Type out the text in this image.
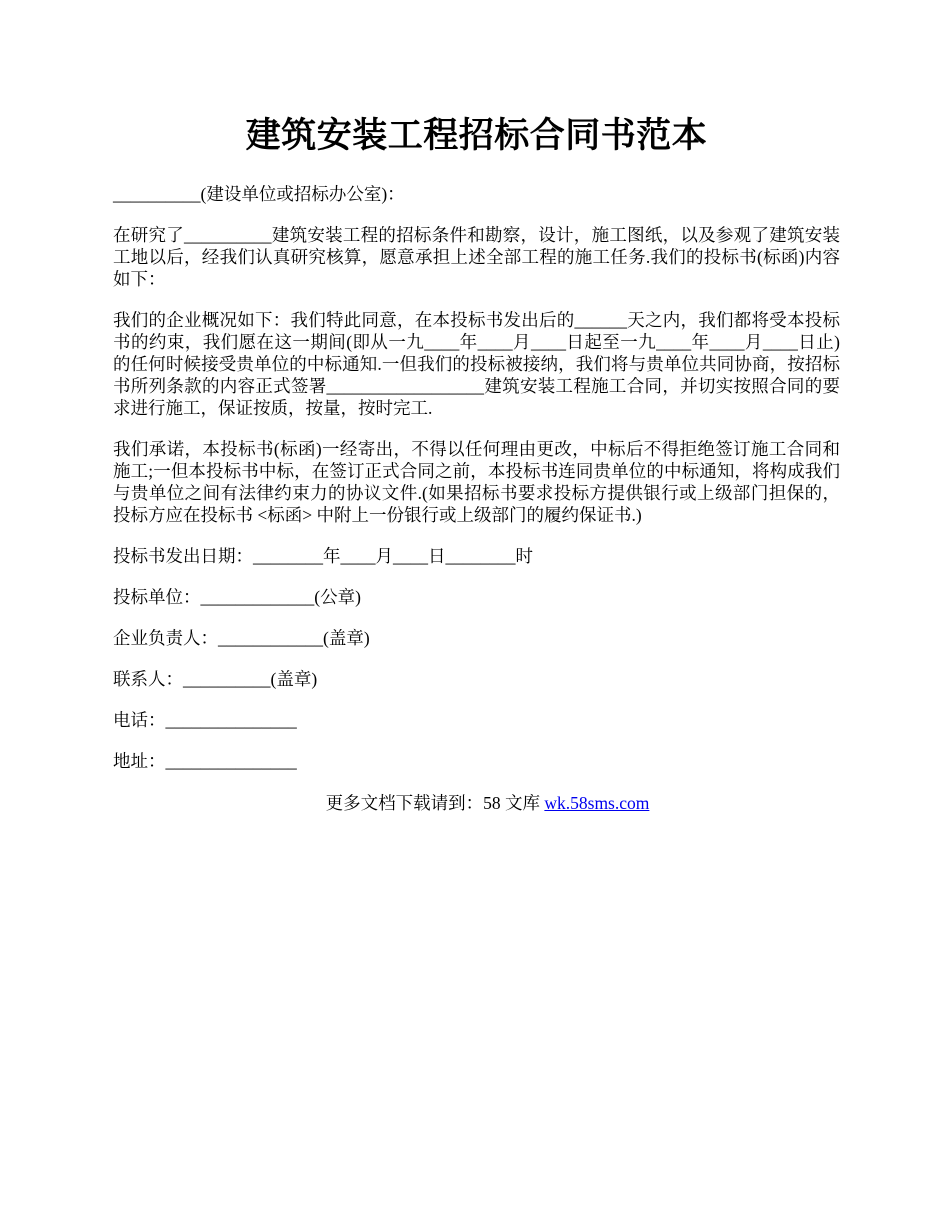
建筑安装工程招标合同书范本

__________(建设单位或招标办公室)：

在研究了__________建筑安装工程的招标条件和勘察，设计，施工图纸，以及参观了建筑安装工地以后，经我们认真研究核算，愿意承担上述全部工程的施工任务.我们的投标书(标函)内容如下：

我们的企业概况如下：我们特此同意，在本投标书发出后的______天之内，我们都将受本投标书的约束，我们愿在这一期间(即从一九____年____月____日起至一九____年____月____日止)的任何时候接受贵单位的中标通知.一但我们的投标被接纳，我们将与贵单位共同协商，按招标书所列条款的内容正式签署__________________建筑安装工程施工合同，并切实按照合同的要求进行施工，保证按质，按量，按时完工.

我们承诺，本投标书(标函)一经寄出，不得以任何理由更改，中标后不得拒绝签订施工合同和施工;一但本投标书中标，在签订正式合同之前，本投标书连同贵单位的中标通知，将构成我们与贵单位之间有法律约束力的协议文件.(如果招标书要求投标方提供银行或上级部门担保的，投标方应在投标书 <标函> 中附上一份银行或上级部门的履约保证书.)

投标书发出日期：________年____月____日________时

投标单位：_____________(公章)

企业负责人：____________(盖章)

联系人：__________(盖章)

电话：_______________

地址：_______________

更多文档下载请到：58 文库 wk.58sms.com
